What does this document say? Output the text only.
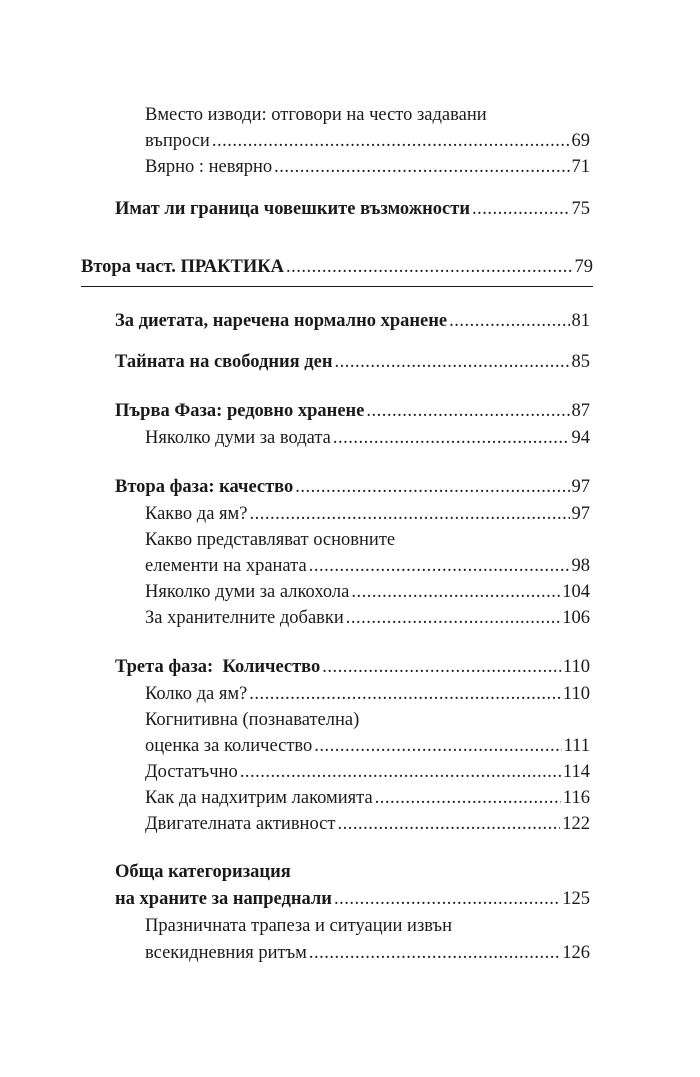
Вместо изводи: отговори на често задавани
въпроси .....	69
Вярно : невярно .....	71
Имат ли граница човешките възможности .....	75
Втора част. ПРАКТИКА .....	79
За диетата, наречена нормално хранене .....	81
Тайната на свободния ден .....	85
Първа Фаза: редовно хранене .....	87
Няколко думи за водата .....	94
Втора фаза: качество .....	97
Какво да ям? .....	97
Какво представляват основните
елементи на храната .....	98
Няколко думи за алкохола .....	104
За хранителните добавки .....	106
Трета фаза:  Количество .....	110
Колко да ям? .....	110
Когнитивна (познавателна)
оценка за количество .....	111
Достатъчно .....	114
Как да надхитрим лакомията .....	116
Двигателната активност .....	122
Обща категоризация
на храните за напреднали .....	125
Празничната трапеза и ситуации извън
всекидневния ритъм .....	126
